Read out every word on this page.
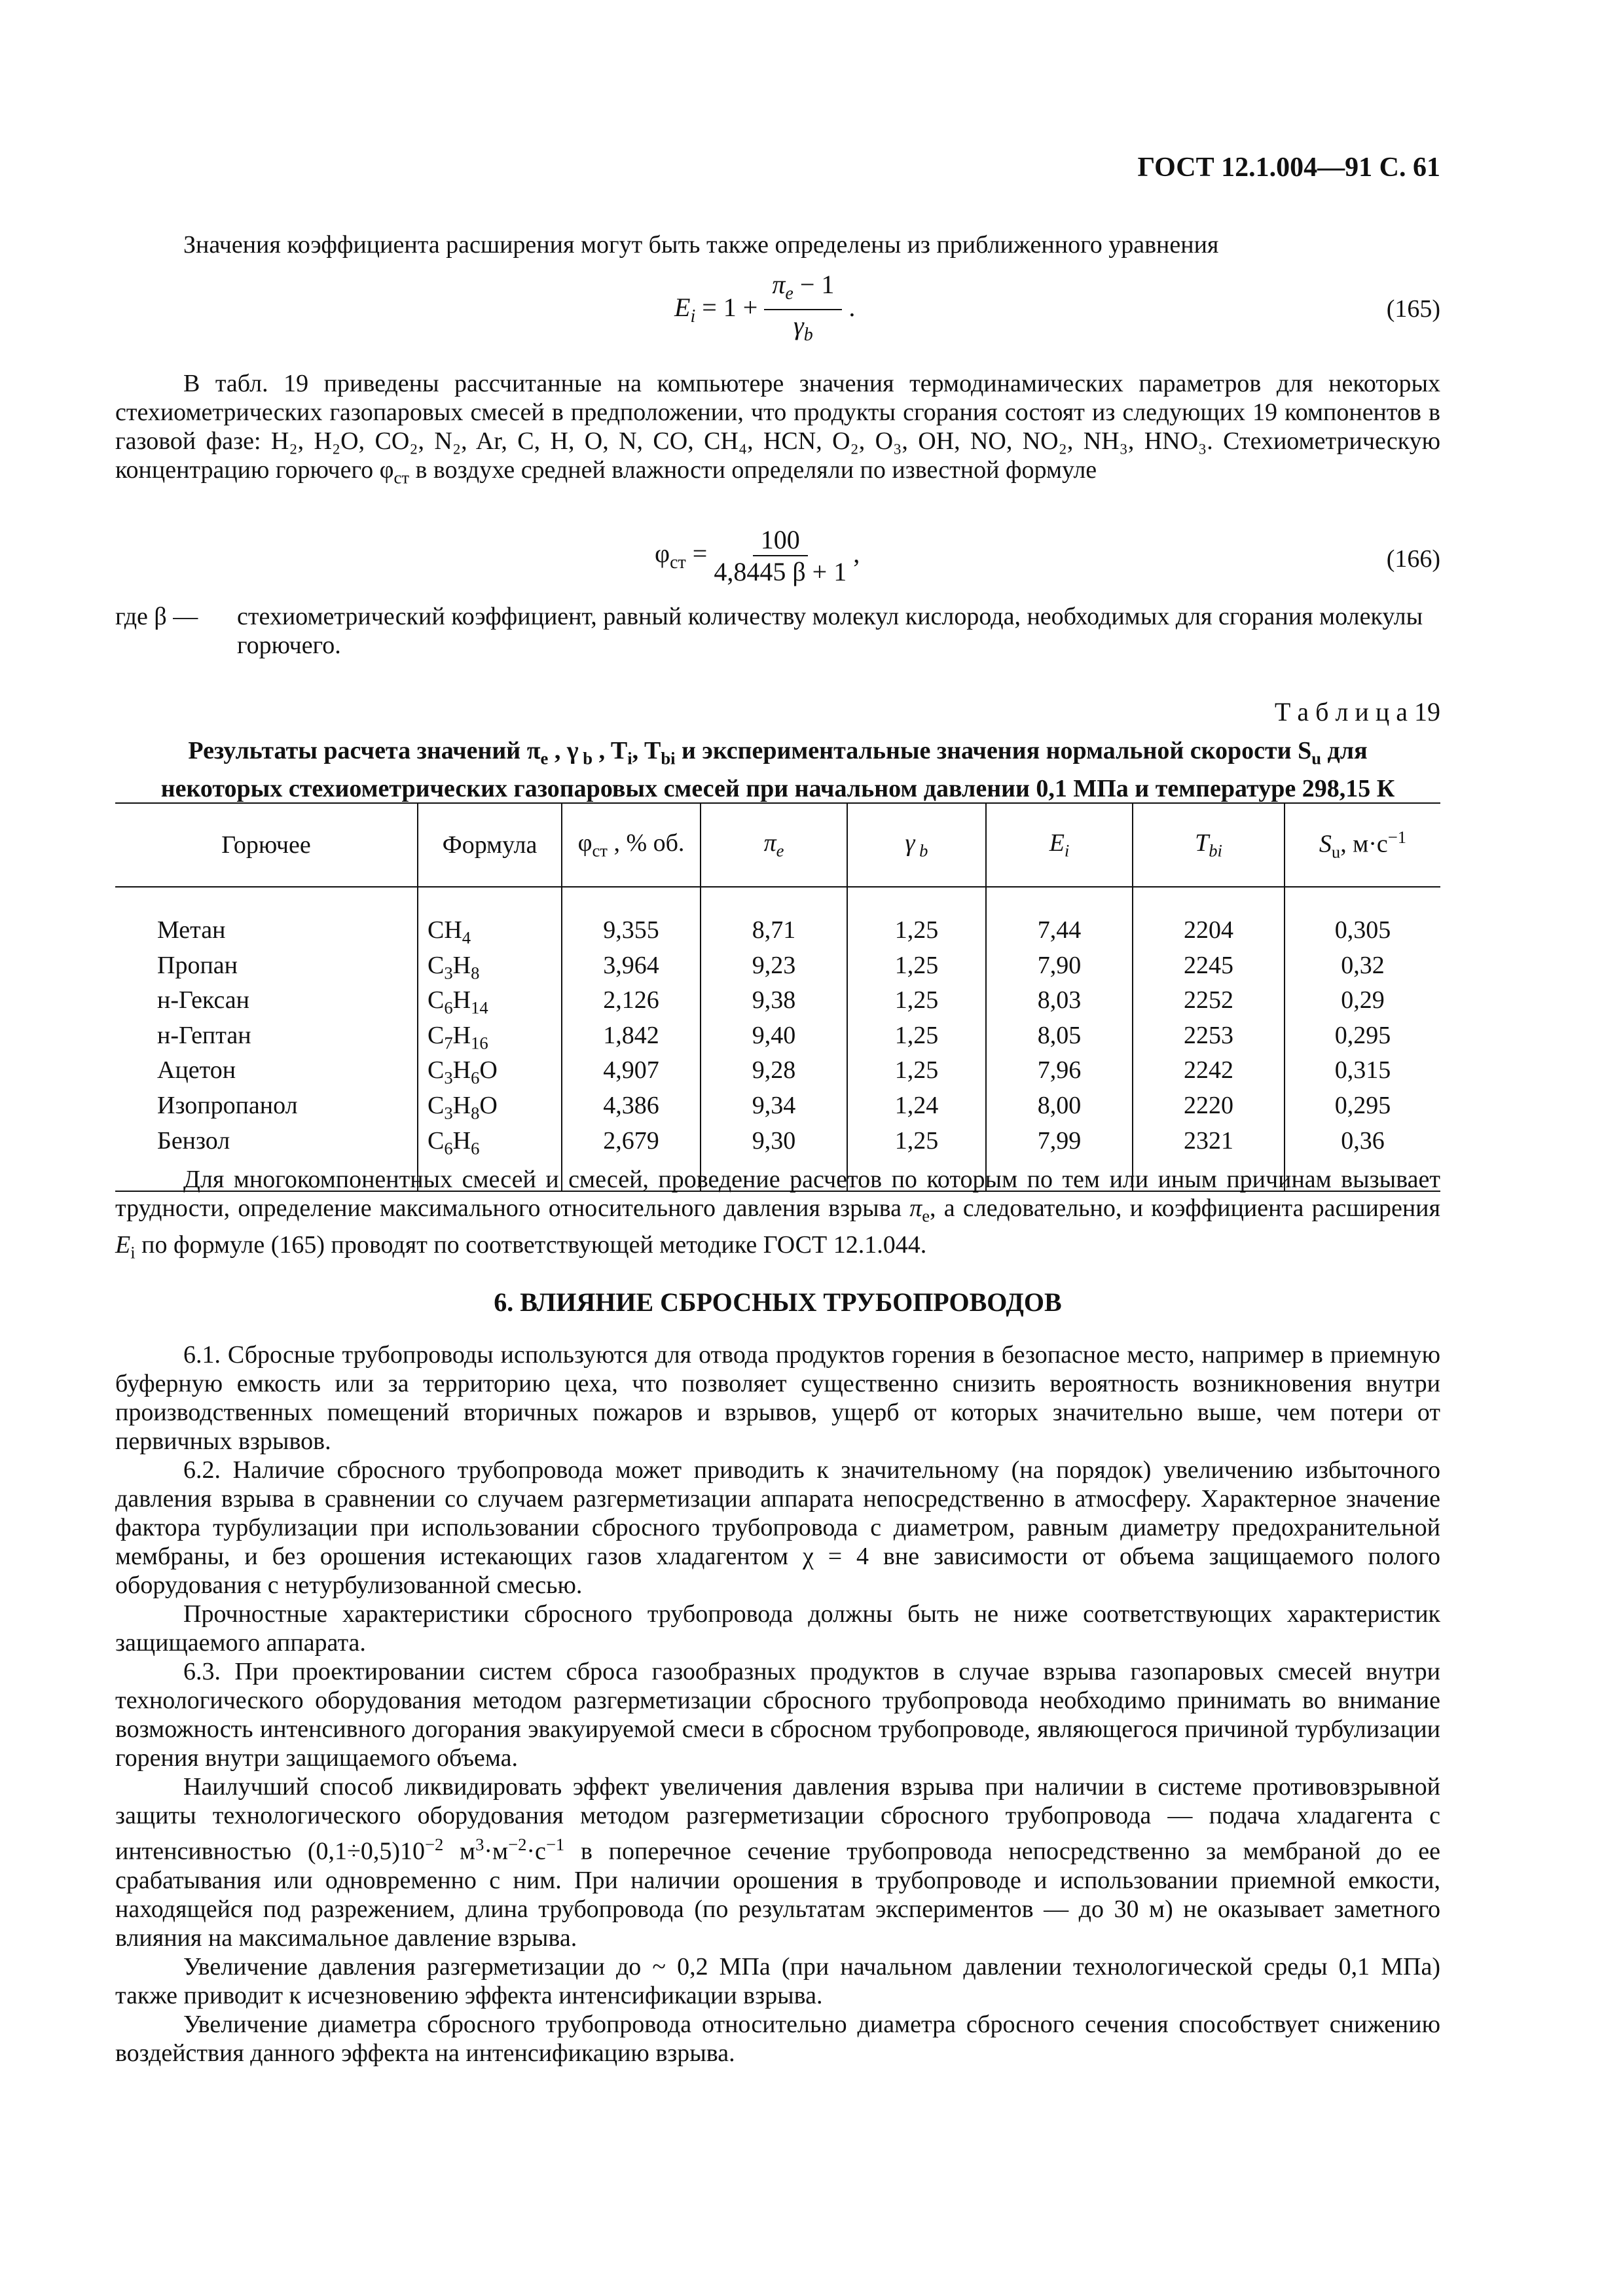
ГОСТ 12.1.004—91 С. 61
Значения коэффициента расширения могут быть также определены из приближенного уравнения
$E_i = 1 + \frac{\pi_e - 1}{\gamma_b}$ .	(165)
В табл. 19 приведены рассчитанные на компьютере значения термодинамических параметров для некоторых стехиометрических газопаровых смесей в предположении, что продукты сгорания состоят из следующих 19 компонентов в газовой фазе: H₂, H₂O, CO₂, N₂, Ar, C, H, O, N, CO, CH₄, HCN, O₂, O₃, OH, NO, NO₂, NH₃, HNO₃. Стехиометрическую концентрацию горючего $\varphi_{ст}$ в воздухе средней влажности определяли по известной формуле
$\varphi_{ст} = \frac{100}{4,8445 \beta + 1}$ ,	(166)
где β —	стехиометрический коэффициент, равный количеству молекул кислорода, необходимых для сгорания молекулы горючего.
Т а б л и ц а 19
Результаты расчета значений $\pi_e$ , γ $_b$ , $T_i$, $T_{bi}$ и экспериментальные значения нормальной скорости $S_u$ для
некоторых стехиометрических газопаровых смесей при начальном давлении 0,1 МПа и температуре 298,15 К
Горючее	Формула	$\varphi_{ст}$ , % об.	$\pi_e$	γ $_b$	$E_i$	$T_{bi}$	$S_u$, $м\cdot с^{-1}$
Метан	$CH_4$	9,355	8,71	1,25	7,44	2204	0,305
Пропан	$C_3H_8$	3,964	9,23	1,25	7,90	2245	0,32
н-Гексан	$C_6H_{14}$	2,126	9,38	1,25	8,03	2252	0,29
н-Гептан	$C_7H_{16}$	1,842	9,40	1,25	8,05	2253	0,295
Ацетон	$C_3H_6O$	4,907	9,28	1,25	7,96	2242	0,315
Изопропанол	$C_3H_8O$	4,386	9,34	1,24	8,00	2220	0,295
Бензол	$C_6H_6$	2,679	9,30	1,25	7,99	2321	0,36
Для многокомпонентных смесей и смесей, проведение расчетов по которым по тем или иным причинам вызывает трудности, определение максимального относительного давления взрыва $\pi_e$, а следовательно, и коэффициента расширения $E_i$ по формуле (165) проводят по соответствующей методике ГОСТ 12.1.044.
6. ВЛИЯНИЕ СБРОСНЫХ ТРУБОПРОВОДОВ
6.1. Сбросные трубопроводы используются для отвода продуктов горения в безопасное место, например в приемную буферную емкость или за территорию цеха, что позволяет существенно снизить вероятность возникновения внутри производственных помещений вторичных пожаров и взрывов, ущерб от которых значительно выше, чем потери от первичных взрывов.
6.2. Наличие сбросного трубопровода может приводить к значительному (на порядок) увеличению избыточного давления взрыва в сравнении со случаем разгерметизации аппарата непосредственно в атмосферу. Характерное значение фактора турбулизации при использовании сбросного трубопровода с диаметром, равным диаметру предохранительной мембраны, и без орошения истекающих газов хладагентом χ = 4 вне зависимости от объема защищаемого полого оборудования с нетурбулизованной смесью.
Прочностные характеристики сбросного трубопровода должны быть не ниже соответствующих характеристик защищаемого аппарата.
6.3. При проектировании систем сброса газообразных продуктов в случае взрыва газопаровых смесей внутри технологического оборудования методом разгерметизации сбросного трубопровода необходимо принимать во внимание возможность интенсивного догорания эвакуируемой смеси в сбросном трубопроводе, являющегося причиной турбулизации горения внутри защищаемого объема.
Наилучший способ ликвидировать эффект увеличения давления взрыва при наличии в системе противовзрывной защиты технологического оборудования методом разгерметизации сбросного трубопровода — подача хладагента с интенсивностью $(0,1\div 0,5)10^{-2}$ $м^3\cdot м^{-2}\cdot с^{-1}$ в поперечное сечение трубопровода непосредственно за мембраной до ее срабатывания или одновременно с ним. При наличии орошения в трубопроводе и использовании приемной емкости, находящейся под разрежением, длина трубопровода (по результатам экспериментов — до 30 м) не оказывает заметного влияния на максимальное давление взрыва.
Увеличение давления разгерметизации до ~ 0,2 МПа (при начальном давлении технологической среды 0,1 МПа) также приводит к исчезновению эффекта интенсификации взрыва.
Увеличение диаметра сбросного трубопровода относительно диаметра сбросного сечения способствует снижению воздействия данного эффекта на интенсификацию взрыва.
